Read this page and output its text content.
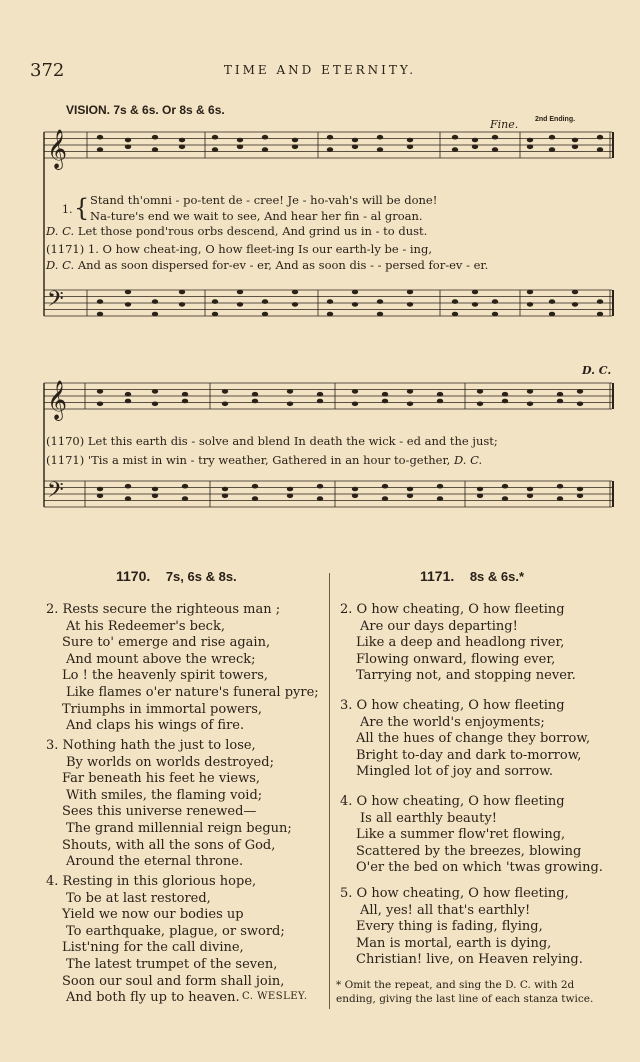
372	TIME AND ETERNITY.
𝄞
𝄞
𝄢
𝄢
VISION. 7s & 6s. Or 8s & 6s.
Fine. 2nd Ending.
D. C.
{
1.
Stand th'omni - po-tent de - cree! Je - ho-vah's will be done!
Na-ture's end we wait to see, And hear her fin - al groan.
D. C. Let those pond'rous orbs descend, And grind us in - to dust.
(1171) 1. O how cheat-ing, O how fleet-ing Is our earth-ly be - ing,
D. C. And as soon dispersed for-ev - er, And as soon dis - - persed for-ev - er.
(1170) Let this earth dis - solve and blend In death the wick - ed and the just;
(1171) 'Tis a mist in win - try weather, Gathered in an hour to-gether, D. C.
1170. 7s, 6s & 8s.
2. Rests secure the righteous man ;
At his Redeemer's beck,
Sure to' emerge and rise again,
And mount above the wreck;
Lo ! the heavenly spirit towers,
Like flames o'er nature's funeral pyre;
Triumphs in immortal powers,
And claps his wings of fire.
3. Nothing hath the just to lose,
By worlds on worlds destroyed;
Far beneath his feet he views,
With smiles, the flaming void;
Sees this universe renewed—
The grand millennial reign begun;
Shouts, with all the sons of God,
Around the eternal throne.
4. Resting in this glorious hope,
To be at last restored,
Yield we now our bodies up
To earthquake, plague, or sword;
List'ning for the call divine,
The latest trumpet of the seven,
Soon our soul and form shall join,
And both fly up to heaven. C. WESLEY.
1171. 8s & 6s.*
2. O how cheating, O how fleeting
Are our days departing!
Like a deep and headlong river,
Flowing onward, flowing ever,
Tarrying not, and stopping never.
3. O how cheating, O how fleeting
Are the world's enjoyments;
All the hues of change they borrow,
Bright to-day and dark to-morrow,
Mingled lot of joy and sorrow.
4. O how cheating, O how fleeting
Is all earthly beauty!
Like a summer flow'ret flowing,
Scattered by the breezes, blowing
O'er the bed on which 'twas growing.
5. O how cheating, O how fleeting,
All, yes! all that's earthly!
Every thing is fading, flying,
Man is mortal, earth is dying,
Christian! live, on Heaven relying.
* Omit the repeat, and sing the D. C. with 2d ending, giving the last line of each stanza twice.
